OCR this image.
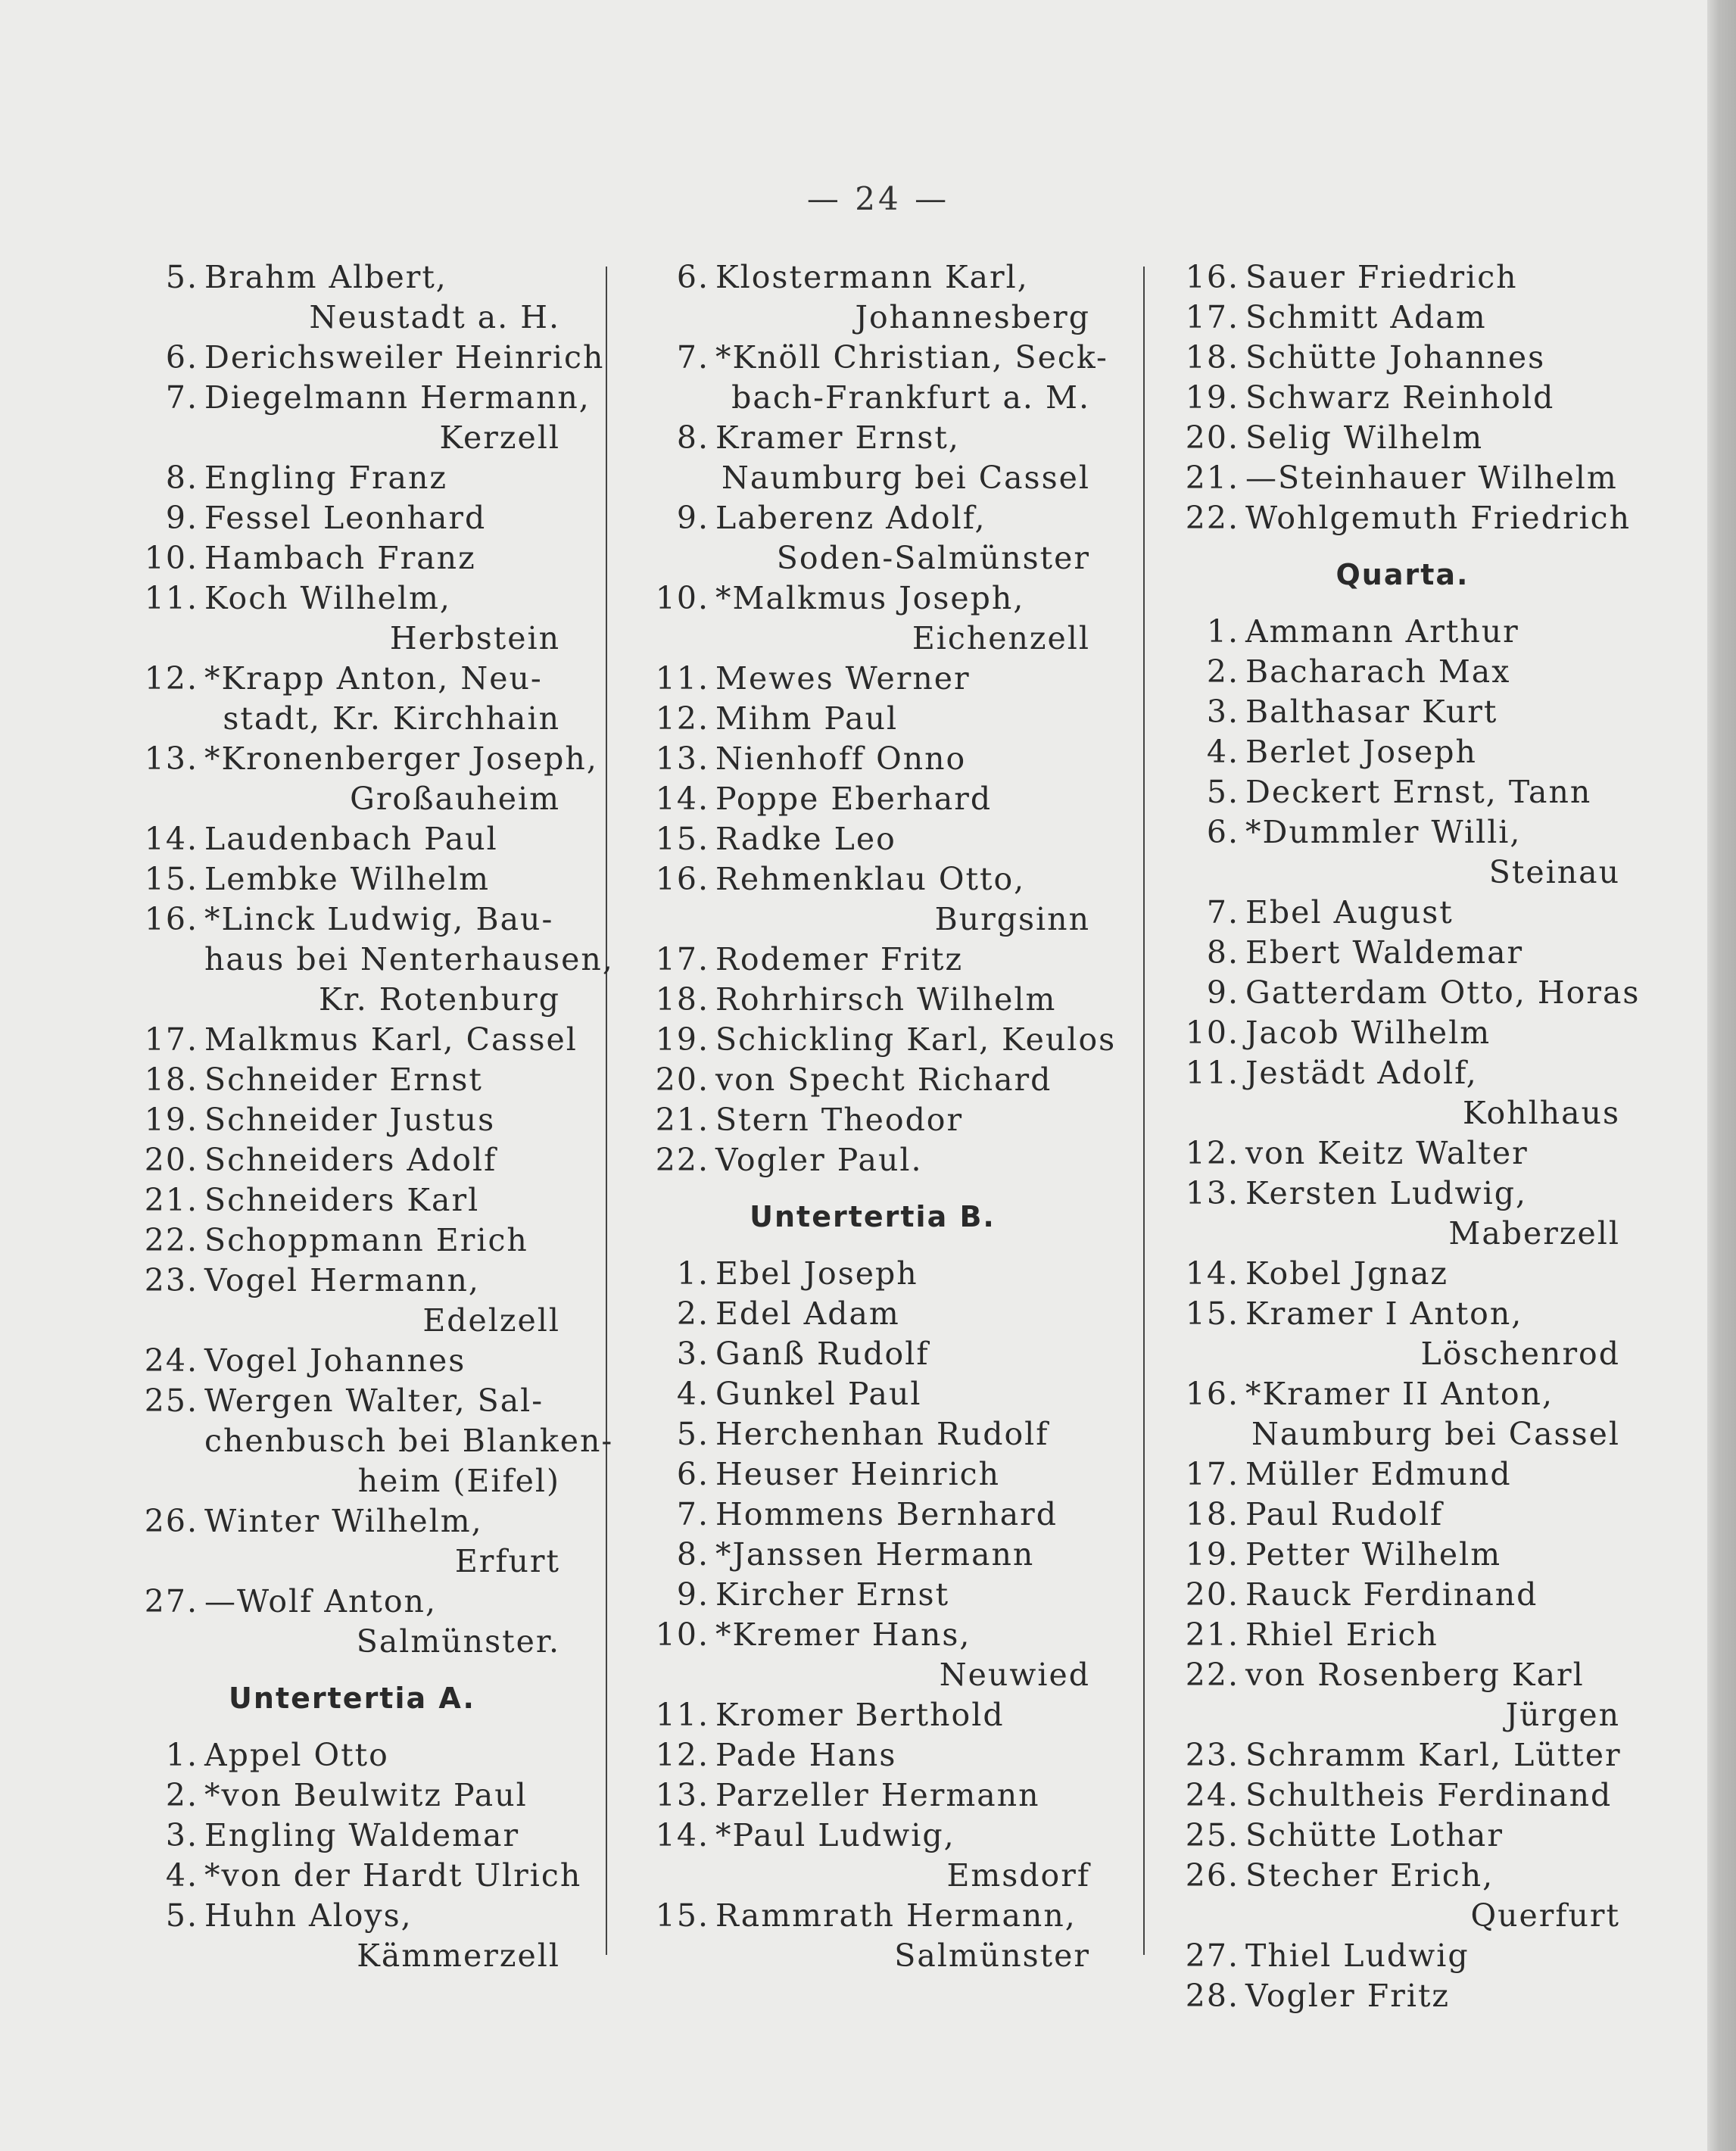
— 24 —
5. Brahm Albert,
Neustadt a. H.
6. Derichsweiler Heinrich
7. Diegelmann Hermann,
Kerzell
8. Engling Franz
9. Fessel Leonhard
10. Hambach Franz
11. Koch Wilhelm,
Herbstein
12. *Krapp Anton, Neu-
stadt, Kr. Kirchhain
13. *Kronenberger Joseph,
Großauheim
14. Laudenbach Paul
15. Lembke Wilhelm
16. *Linck Ludwig, Bau-
haus bei Nenterhausen,
Kr. Rotenburg
17. Malkmus Karl, Cassel
18. Schneider Ernst
19. Schneider Justus
20. Schneiders Adolf
21. Schneiders Karl
22. Schoppmann Erich
23. Vogel Hermann,
Edelzell
24. Vogel Johannes
25. Wergen Walter, Sal-
chenbusch bei Blanken-
heim (Eifel)
26. Winter Wilhelm,
Erfurt
27. —Wolf Anton,
Salmünster.
Untertertia A.
1. Appel Otto
2. *von Beulwitz Paul
3. Engling Waldemar
4. *von der Hardt Ulrich
5. Huhn Aloys,
Kämmerzell
6. Klostermann Karl,
Johannesberg
7. *Knöll Christian, Seck-
bach-Frankfurt a. M.
8. Kramer Ernst,
Naumburg bei Cassel
9. Laberenz Adolf,
Soden-Salmünster
10. *Malkmus Joseph,
Eichenzell
11. Mewes Werner
12. Mihm Paul
13. Nienhoff Onno
14. Poppe Eberhard
15. Radke Leo
16. Rehmenklau Otto,
Burgsinn
17. Rodemer Fritz
18. Rohrhirsch Wilhelm
19. Schickling Karl, Keulos
20. von Specht Richard
21. Stern Theodor
22. Vogler Paul.
Untertertia B.
1. Ebel Joseph
2. Edel Adam
3. Ganß Rudolf
4. Gunkel Paul
5. Herchenhan Rudolf
6. Heuser Heinrich
7. Hommens Bernhard
8. *Janssen Hermann
9. Kircher Ernst
10. *Kremer Hans,
Neuwied
11. Kromer Berthold
12. Pade Hans
13. Parzeller Hermann
14. *Paul Ludwig,
Emsdorf
15. Rammrath Hermann,
Salmünster
16. Sauer Friedrich
17. Schmitt Adam
18. Schütte Johannes
19. Schwarz Reinhold
20. Selig Wilhelm
21. —Steinhauer Wilhelm
22. Wohlgemuth Friedrich
Quarta.
1. Ammann Arthur
2. Bacharach Max
3. Balthasar Kurt
4. Berlet Joseph
5. Deckert Ernst, Tann
6. *Dummler Willi,
Steinau
7. Ebel August
8. Ebert Waldemar
9. Gatterdam Otto, Horas
10. Jacob Wilhelm
11. Jestädt Adolf,
Kohlhaus
12. von Keitz Walter
13. Kersten Ludwig,
Maberzell
14. Kobel Jgnaz
15. Kramer I Anton,
Löschenrod
16. *Kramer II Anton,
Naumburg bei Cassel
17. Müller Edmund
18. Paul Rudolf
19. Petter Wilhelm
20. Rauck Ferdinand
21. Rhiel Erich
22. von Rosenberg Karl
Jürgen
23. Schramm Karl, Lütter
24. Schultheis Ferdinand
25. Schütte Lothar
26. Stecher Erich,
Querfurt
27. Thiel Ludwig
28. Vogler Fritz
